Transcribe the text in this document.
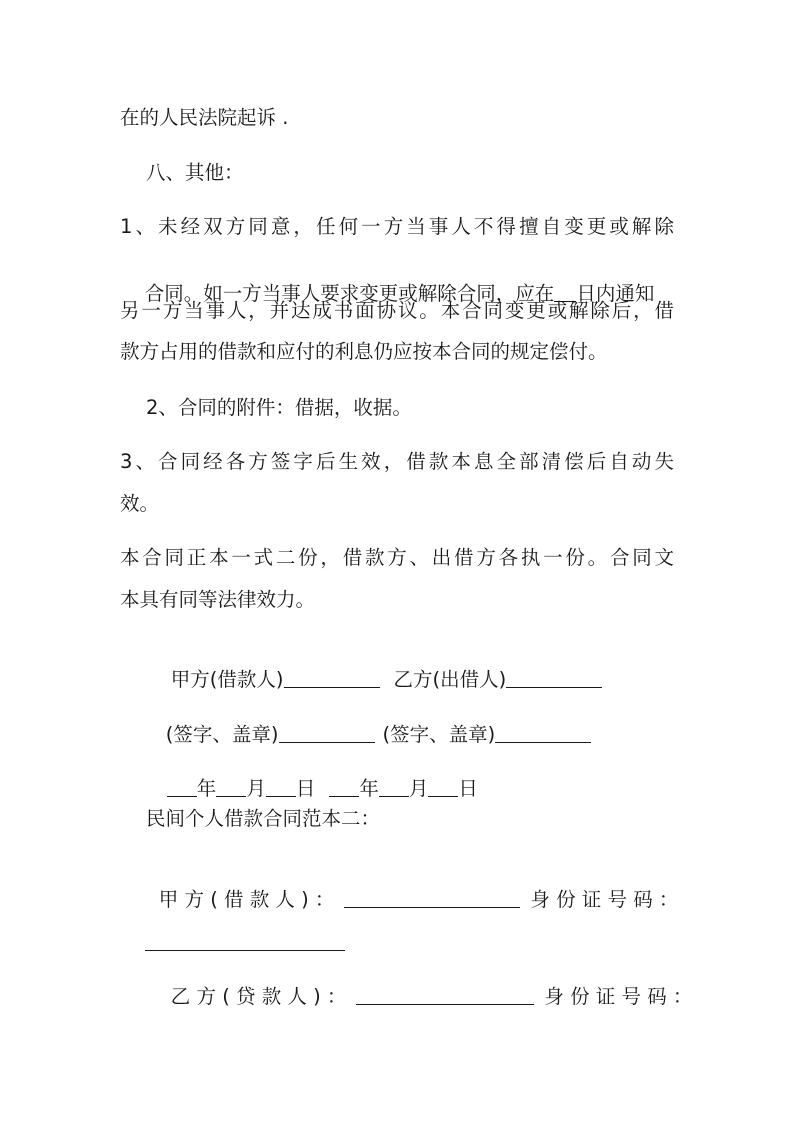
在的人民法院起诉 .
八、其他：
1、未经双方同意，任何一方当事人不得擅自变更或解除

合同。如一方当事人要求变更或解除合同，应在 日内通知

另一方当事人，并达成书面协议。本合同变更或解除后，借
款方占用的借款和应付的利息仍应按本合同的规定偿付。
2、合同的附件：借据，收据。
3、合同经各方签字后生效，借款本息全部清偿后自动失
效。
本合同正本一式二份，借款方、出借方各执一份。合同文
本具有同等法律效力。

甲方(借款人)	乙方(出借人)

(签字、盖章)	(签字、盖章)

年 月 日 年 月 日

民间个人借款合同范本二：

甲 方 ( 借 款 人 ) ：	身 份 证 号 码 ：

乙 方 ( 贷 款 人 ) ：	身 份 证 号 码 ：
